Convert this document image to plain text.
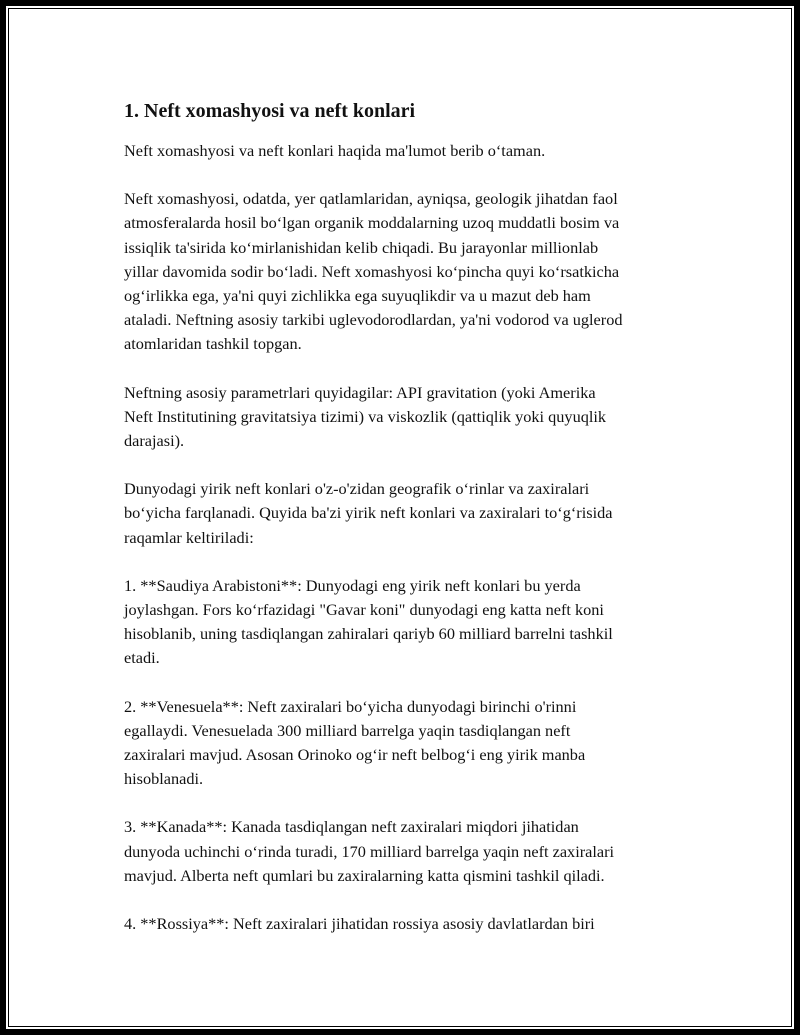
1. Neft xomashyosi va neft konlari

Neft xomashyosi va neft konlari haqida ma'lumot berib o‘taman.

Neft xomashyosi, odatda, yer qatlamlaridan, ayniqsa, geologik jihatdan faol
atmosferalarda hosil bo‘lgan organik moddalarning uzoq muddatli bosim va
issiqlik ta'sirida ko‘mirlanishidan kelib chiqadi. Bu jarayonlar millionlab
yillar davomida sodir bo‘ladi. Neft xomashyosi ko‘pincha quyi ko‘rsatkicha
og‘irlikka ega, ya'ni quyi zichlikka ega suyuqlikdir va u mazut deb ham
ataladi. Neftning asosiy tarkibi uglevodorodlardan, ya'ni vodorod va uglerod
atomlaridan tashkil topgan.

Neftning asosiy parametrlari quyidagilar: API gravitation (yoki Amerika
Neft Institutining gravitatsiya tizimi) va viskozlik (qattiqlik yoki quyuqlik
darajasi).

Dunyodagi yirik neft konlari o'z-o'zidan geografik o‘rinlar va zaxiralari
bo‘yicha farqlanadi. Quyida ba'zi yirik neft konlari va zaxiralari to‘g‘risida
raqamlar keltiriladi:

1. **Saudiya Arabistoni**: Dunyodagi eng yirik neft konlari bu yerda
joylashgan. Fors ko‘rfazidagi "Gavar koni" dunyodagi eng katta neft koni
hisoblanib, uning tasdiqlangan zahiralari qariyb 60 milliard barrelni tashkil
etadi.

2. **Venesuela**: Neft zaxiralari bo‘yicha dunyodagi birinchi o'rinni
egallaydi. Venesuelada 300 milliard barrelga yaqin tasdiqlangan neft
zaxiralari mavjud. Asosan Orinoko og‘ir neft belbog‘i eng yirik manba
hisoblanadi.

3. **Kanada**: Kanada tasdiqlangan neft zaxiralari miqdori jihatidan
dunyoda uchinchi o‘rinda turadi, 170 milliard barrelga yaqin neft zaxiralari
mavjud. Alberta neft qumlari bu zaxiralarning katta qismini tashkil qiladi.

4. **Rossiya**: Neft zaxiralari jihatidan rossiya asosiy davlatlardan biri
